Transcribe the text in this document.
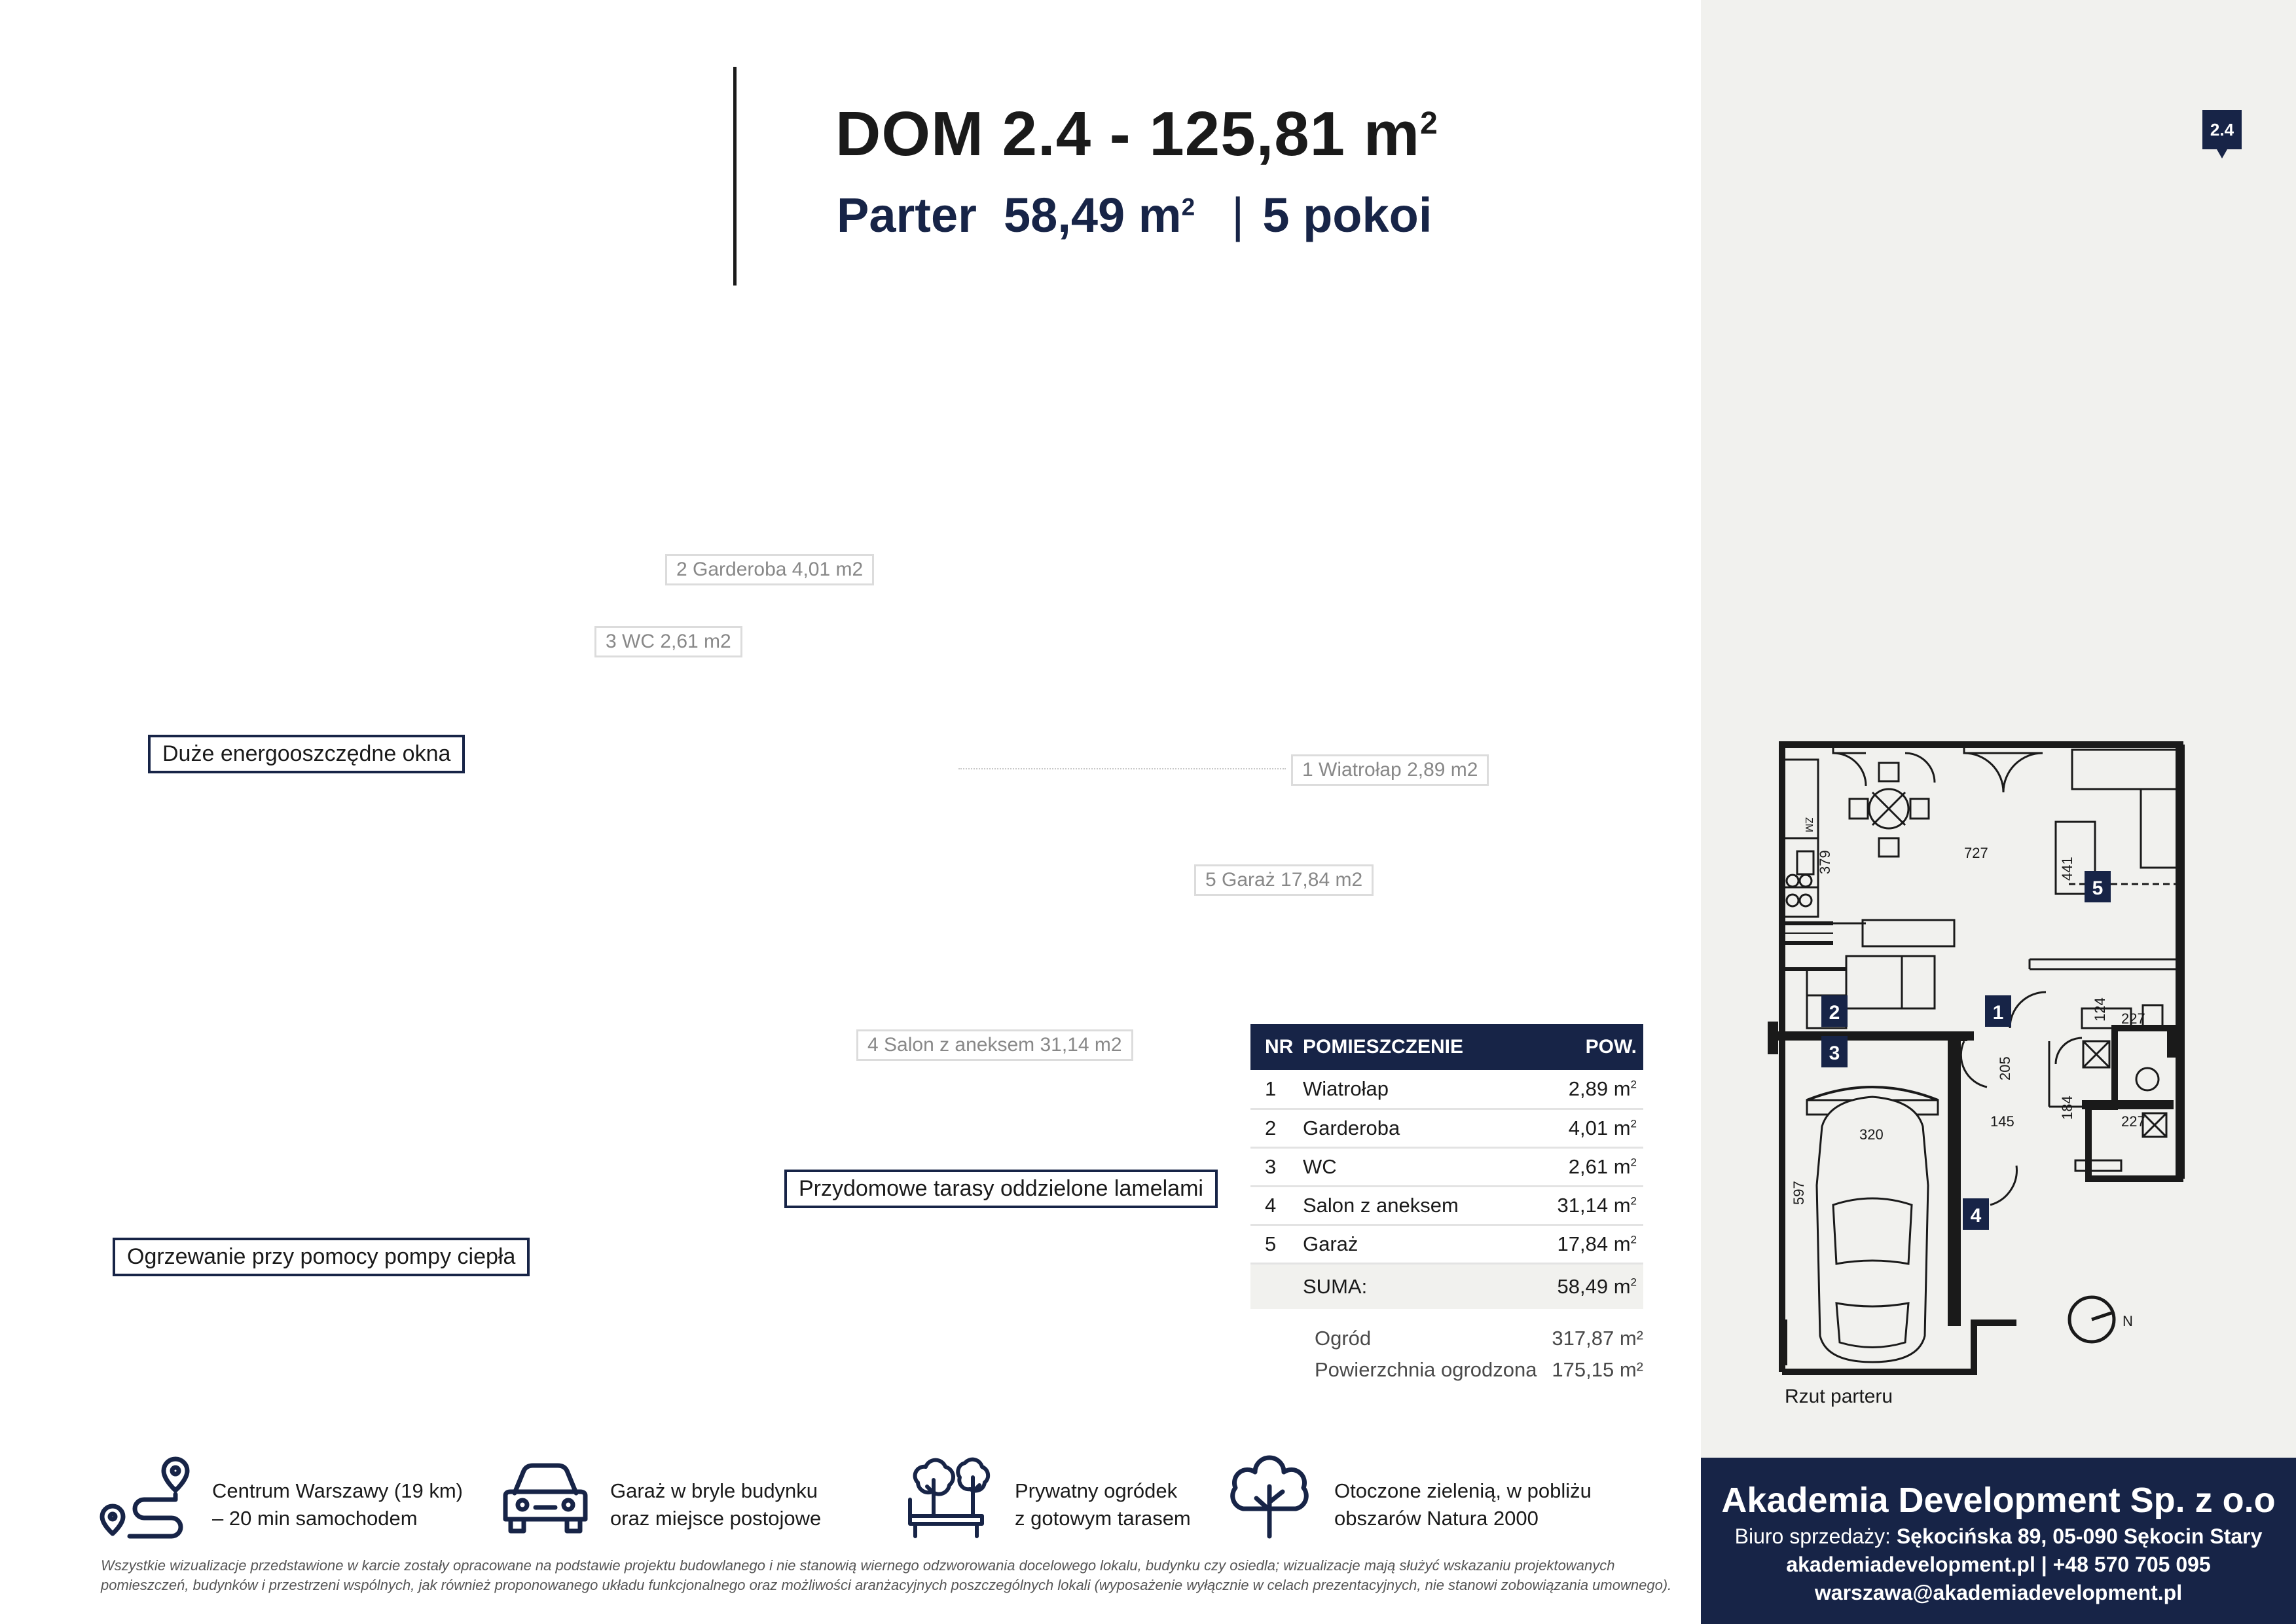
DOM 2.4 - 125,81 $m^2$
Parter 58,49 $m^2$ | 5 pokoi
2.4
2 Garderoba 4,01 m2
3 WC 2,61 m2
1 Wiatrołap 2,89 m2
5 Garaż 17,84 m2
4 Salon z aneksem 31,14 m2
Duże energooszczędne okna
Przydomowe tarasy oddzielone lamelami
Ogrzewanie przy pomocy pompy ciepła
NR	POMIESZCZENIE	POW.
1	Wiatrołap	2,89 $m^2$
2	Garderoba	4,01 $m^2$
3	WC	2,61 $m^2$
4	Salon z aneksem	31,14 $m^2$
5	Garaż	17,84 $m^2$
	SUMA:	58,49 $m^2$
Ogród	317,87 m²
Powierzchnia ogrodzona 175,15 m²
727
379	441
124 227
205
184
227
145
320
597
ZM
1
2
3
4
5
N
Rzut parteru
Centrum Warszawy (19 km)
– 20 min samochodem
Garaż w bryle budynku
oraz miejsce postojowe
Prywatny ogródek
z gotowym tarasem
Otoczone zielenią, w pobliżu
obszarów Natura 2000
Wszystkie wizualizacje przedstawione w karcie zostały opracowane na podstawie projektu budowlanego i nie stanowią wiernego odzworowania docelowego lokalu, budynku czy osiedla; wizualizacje mają służyć wskazaniu projektowanych pomieszczeń, budynków i przestrzeni wspólnych, jak również proponowanego układu funkcjonalnego oraz możliwości aranżacyjnych poszczególnych lokali (wyposażenie wyłącznie w celach prezentacyjnych, nie stanowi zobowiązania umownego).
Akademia Development Sp. z o.o
Biuro sprzedaży: Sękocińska 89, 05-090 Sękocin Stary
akademiadevelopment.pl | +48 570 705 095
warszawa@akademiadevelopment.pl
